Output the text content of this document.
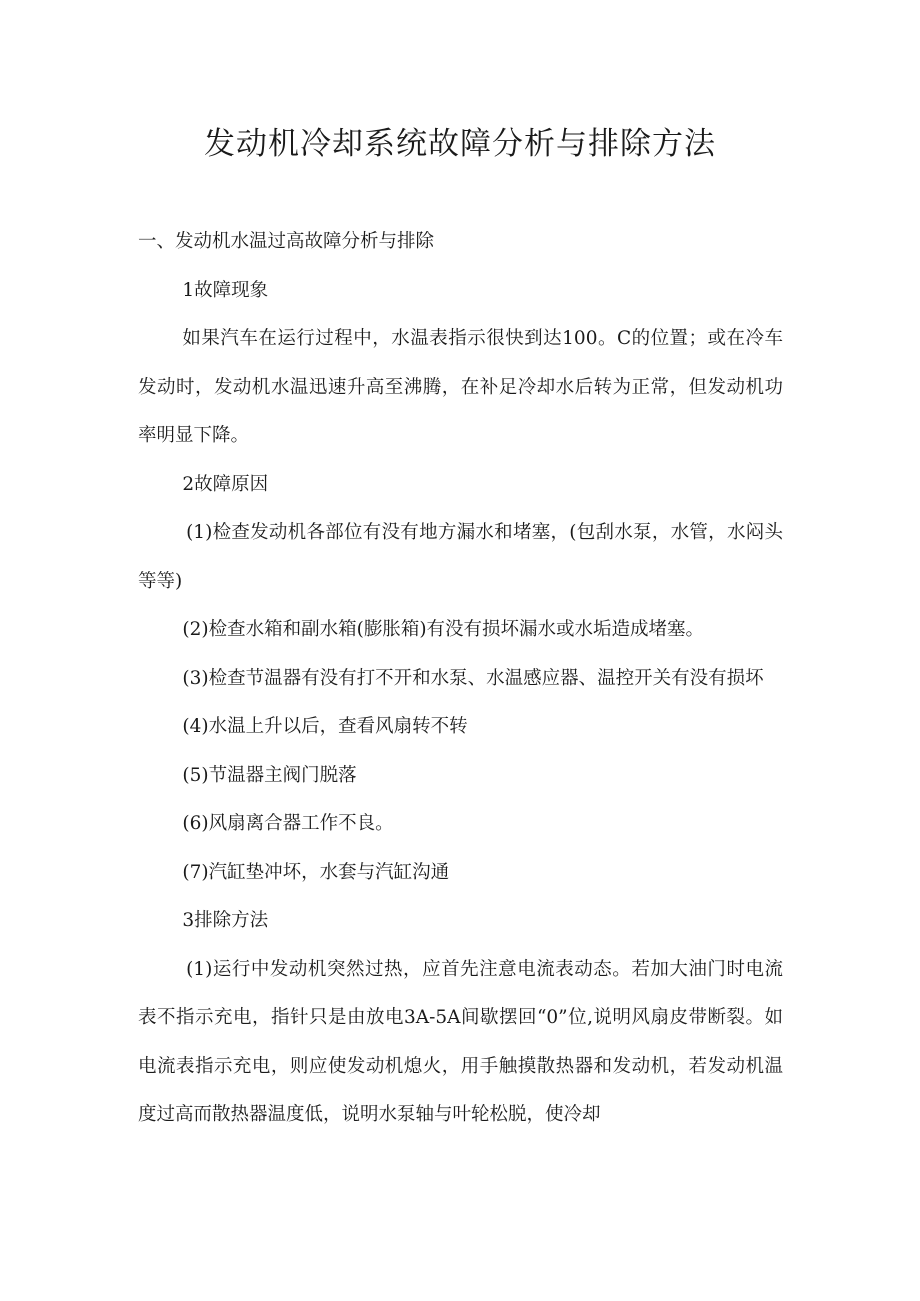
发动机冷却系统故障分析与排除方法

一、发动机水温过高故障分析与排除

1故障现象

如果汽车在运行过程中，水温表指示很快到达100。C的位置；或在冷车发动时，发动机水温迅速升高至沸腾，在补足冷却水后转为正常，但发动机功率明显下降。

2故障原因

(1)检查发动机各部位有没有地方漏水和堵塞，(包刮水泵，水管，水闷头等等)

(2)检查水箱和副水箱(膨胀箱)有没有损坏漏水或水垢造成堵塞。

(3)检查节温器有没有打不开和水泵、水温感应器、温控开关有没有损坏

(4)水温上升以后，查看风扇转不转

(5)节温器主阀门脱落

(6)风扇离合器工作不良。

(7)汽缸垫冲坏，水套与汽缸沟通

3排除方法

(1)运行中发动机突然过热，应首先注意电流表动态。若加大油门时电流表不指示充电，指针只是由放电3A-5A间歇摆回“0”位,说明风扇皮带断裂。如电流表指示充电，则应使发动机熄火，用手触摸散热器和发动机，若发动机温度过高而散热器温度低，说明水泵轴与叶轮松脱，使冷却
